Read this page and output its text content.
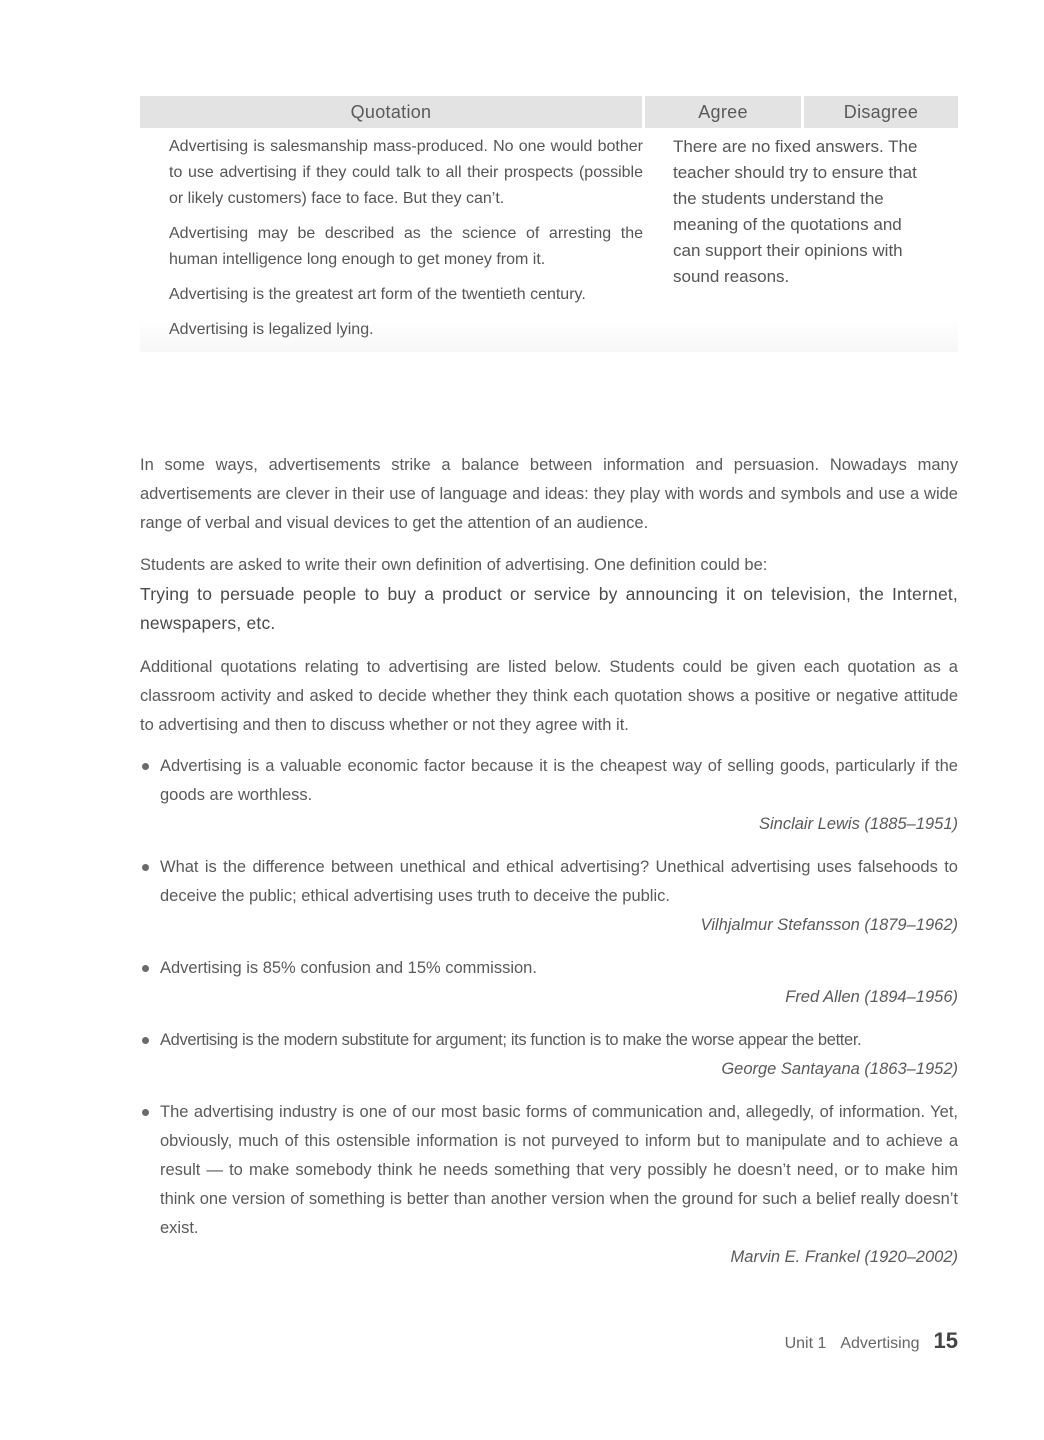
Quotation	Agree	Disagree

Advertising is salesmanship mass-produced. No one would bother to use advertising if they could talk to all their prospects (possible or likely customers) face to face. But they can’t.

Advertising may be described as the science of arresting the human intelligence long enough to get money from it.

Advertising is the greatest art form of the twentieth century.

Advertising is legalized lying.

There are no fixed answers. The teacher should try to ensure that the students understand the meaning of the quotations and can support their opinions with sound reasons.

In some ways, advertisements strike a balance between information and persuasion. Nowadays many advertisements are clever in their use of language and ideas: they play with words and symbols and use a wide range of verbal and visual devices to get the attention of an audience.

Students are asked to write their own definition of advertising. One definition could be:

Trying to persuade people to buy a product or service by announcing it on television, the Internet, newspapers, etc.

Additional quotations relating to advertising are listed below. Students could be given each quotation as a classroom activity and asked to decide whether they think each quotation shows a positive or negative attitude to advertising and then to discuss whether or not they agree with it.

Advertising is a valuable economic factor because it is the cheapest way of selling goods, particularly if the goods are worthless.

Sinclair Lewis (1885–1951)

What is the difference between unethical and ethical advertising? Unethical advertising uses falsehoods to deceive the public; ethical advertising uses truth to deceive the public.

Vilhjalmur Stefansson (1879–1962)

Advertising is 85% confusion and 15% commission.

Fred Allen (1894–1956)

Advertising is the modern substitute for argument; its function is to make the worse appear the better.

George Santayana (1863–1952)

The advertising industry is one of our most basic forms of communication and, allegedly, of information. Yet, obviously, much of this ostensible information is not purveyed to inform but to manipulate and to achieve a result — to make somebody think he needs something that very possibly he doesn’t need, or to make him think one version of something is better than another version when the ground for such a belief really doesn’t exist.

Marvin E. Frankel (1920–2002)

Unit 1 Advertising 15
